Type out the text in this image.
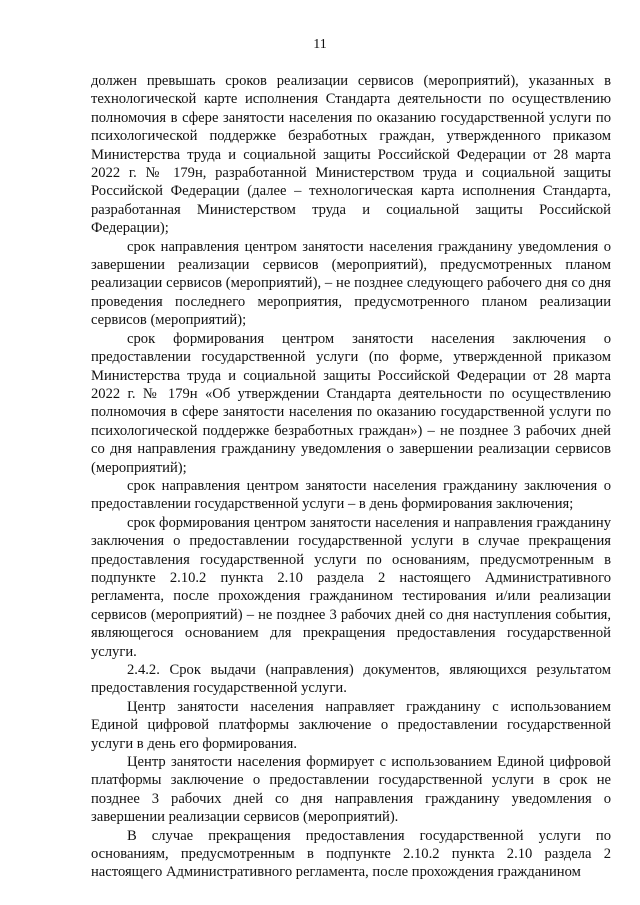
11

должен превышать сроков реализации сервисов (мероприятий), указанных в технологической карте исполнения Стандарта деятельности по осуществлению полномочия в сфере занятости населения по оказанию государственной услуги по психологической поддержке безработных граждан, утвержденного приказом Министерства труда и социальной защиты Российской Федерации от 28 марта 2022 г. № 179н, разработанной Министерством труда и социальной защиты Российской Федерации (далее – технологическая карта исполнения Стандарта, разработанная Министерством труда и социальной защиты Российской Федерации);

срок направления центром занятости населения гражданину уведомления о завершении реализации сервисов (мероприятий), предусмотренных планом реализации сервисов (мероприятий), – не позднее следующего рабочего дня со дня проведения последнего мероприятия, предусмотренного планом реализации сервисов (мероприятий);

срок формирования центром занятости населения заключения о предоставлении государственной услуги (по форме, утвержденной приказом Министерства труда и социальной защиты Российской Федерации от 28 марта 2022 г. № 179н «Об утверждении Стандарта деятельности по осуществлению полномочия в сфере занятости населения по оказанию государственной услуги по психологической поддержке безработных граждан») – не позднее 3 рабочих дней со дня направления гражданину уведомления о завершении реализации сервисов (мероприятий);

срок направления центром занятости населения гражданину заключения о предоставлении государственной услуги – в день формирования заключения;

срок формирования центром занятости населения и направления гражданину заключения о предоставлении государственной услуги в случае прекращения предоставления государственной услуги по основаниям, предусмотренным в подпункте 2.10.2 пункта 2.10 раздела 2 настоящего Административного регламента, после прохождения гражданином тестирования и/или реализации сервисов (мероприятий) – не позднее 3 рабочих дней со дня наступления события, являющегося основанием для прекращения предоставления государственной услуги.

2.4.2. Срок выдачи (направления) документов, являющихся результатом предоставления государственной услуги.

Центр занятости населения направляет гражданину с использованием Единой цифровой платформы заключение о предоставлении государственной услуги в день его формирования.

Центр занятости населения формирует с использованием Единой цифровой платформы заключение о предоставлении государственной услуги в срок не позднее 3 рабочих дней со дня направления гражданину уведомления о завершении реализации сервисов (мероприятий).

В случае прекращения предоставления государственной услуги по основаниям, предусмотренным в подпункте 2.10.2 пункта 2.10 раздела 2 настоящего Административного регламента, после прохождения гражданином
